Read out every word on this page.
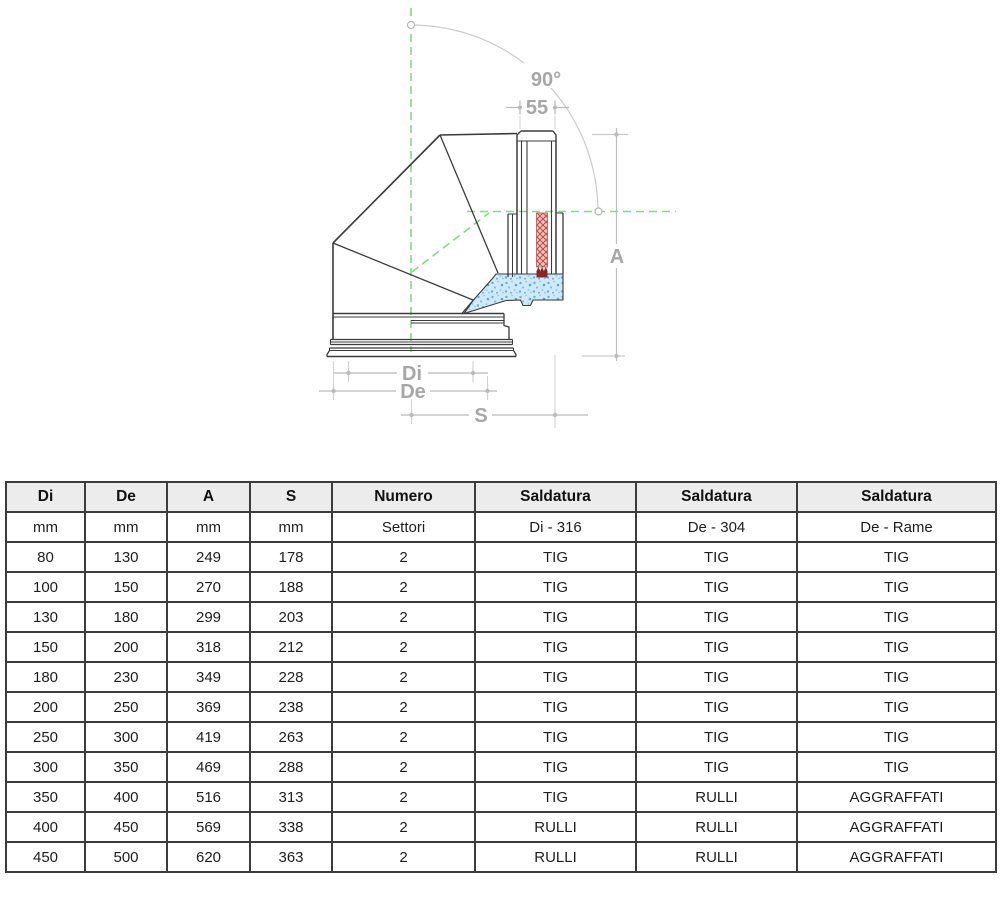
90°
55
A
Di
De
S
Di	De	A	S	Numero	Saldatura	Saldatura	Saldatura
mm	mm	mm	mm	Settori	Di - 316	De - 304	De - Rame
80	130	249	178	2	TIG	TIG	TIG
100	150	270	188	2	TIG	TIG	TIG
130	180	299	203	2	TIG	TIG	TIG
150	200	318	212	2	TIG	TIG	TIG
180	230	349	228	2	TIG	TIG	TIG
200	250	369	238	2	TIG	TIG	TIG
250	300	419	263	2	TIG	TIG	TIG
300	350	469	288	2	TIG	TIG	TIG
350	400	516	313	2	TIG	RULLI	AGGRAFFATI
400	450	569	338	2	RULLI	RULLI	AGGRAFFATI
450	500	620	363	2	RULLI	RULLI	AGGRAFFATI
